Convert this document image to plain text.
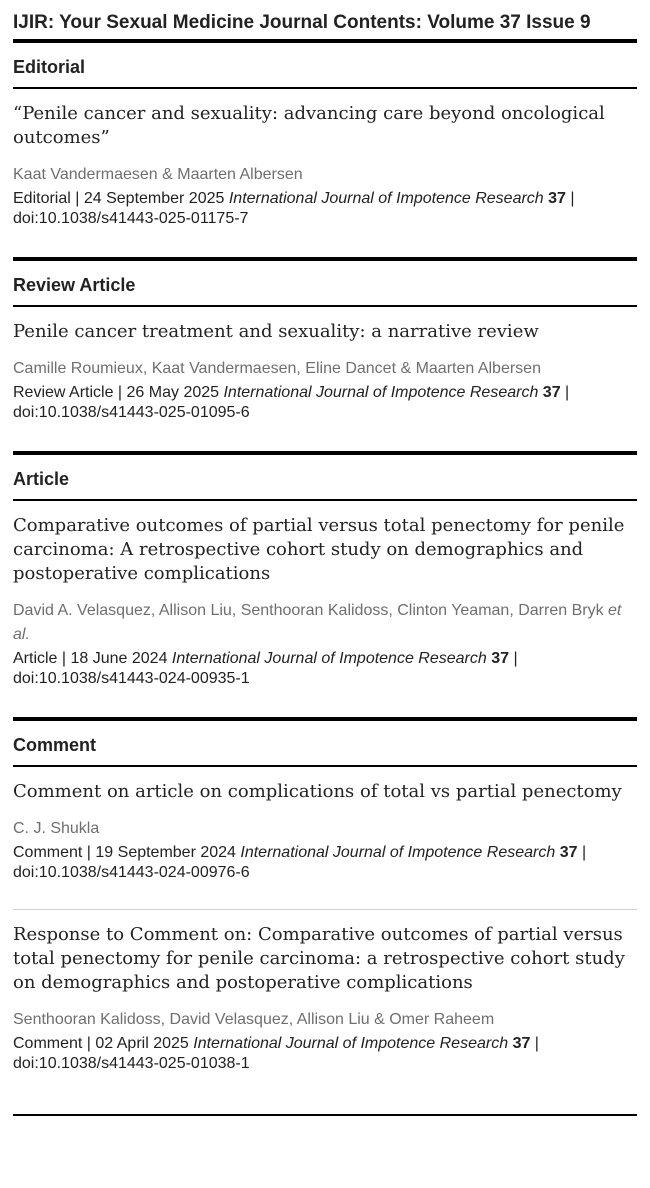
IJIR: Your Sexual Medicine Journal Contents: Volume 37 Issue 9
Editorial
“Penile cancer and sexuality: advancing care beyond oncological outcomes”
Kaat Vandermaesen & Maarten Albersen
Editorial | 24 September 2025 International Journal of Impotence Research 37 | doi:10.1038/s41443-025-01175-7
Review Article
Penile cancer treatment and sexuality: a narrative review
Camille Roumieux, Kaat Vandermaesen, Eline Dancet & Maarten Albersen
Review Article | 26 May 2025 International Journal of Impotence Research 37 | doi:10.1038/s41443-025-01095-6
Article
Comparative outcomes of partial versus total penectomy for penile carcinoma: A retrospective cohort study on demographics and postoperative complications
David A. Velasquez, Allison Liu, Senthooran Kalidoss, Clinton Yeaman, Darren Bryk et al.
Article | 18 June 2024 International Journal of Impotence Research 37 | doi:10.1038/s41443-024-00935-1
Comment
Comment on article on complications of total vs partial penectomy
C. J. Shukla
Comment | 19 September 2024 International Journal of Impotence Research 37 | doi:10.1038/s41443-024-00976-6
Response to Comment on: Comparative outcomes of partial versus total penectomy for penile carcinoma: a retrospective cohort study on demographics and postoperative complications
Senthooran Kalidoss, David Velasquez, Allison Liu & Omer Raheem
Comment | 02 April 2025 International Journal of Impotence Research 37 | doi:10.1038/s41443-025-01038-1
